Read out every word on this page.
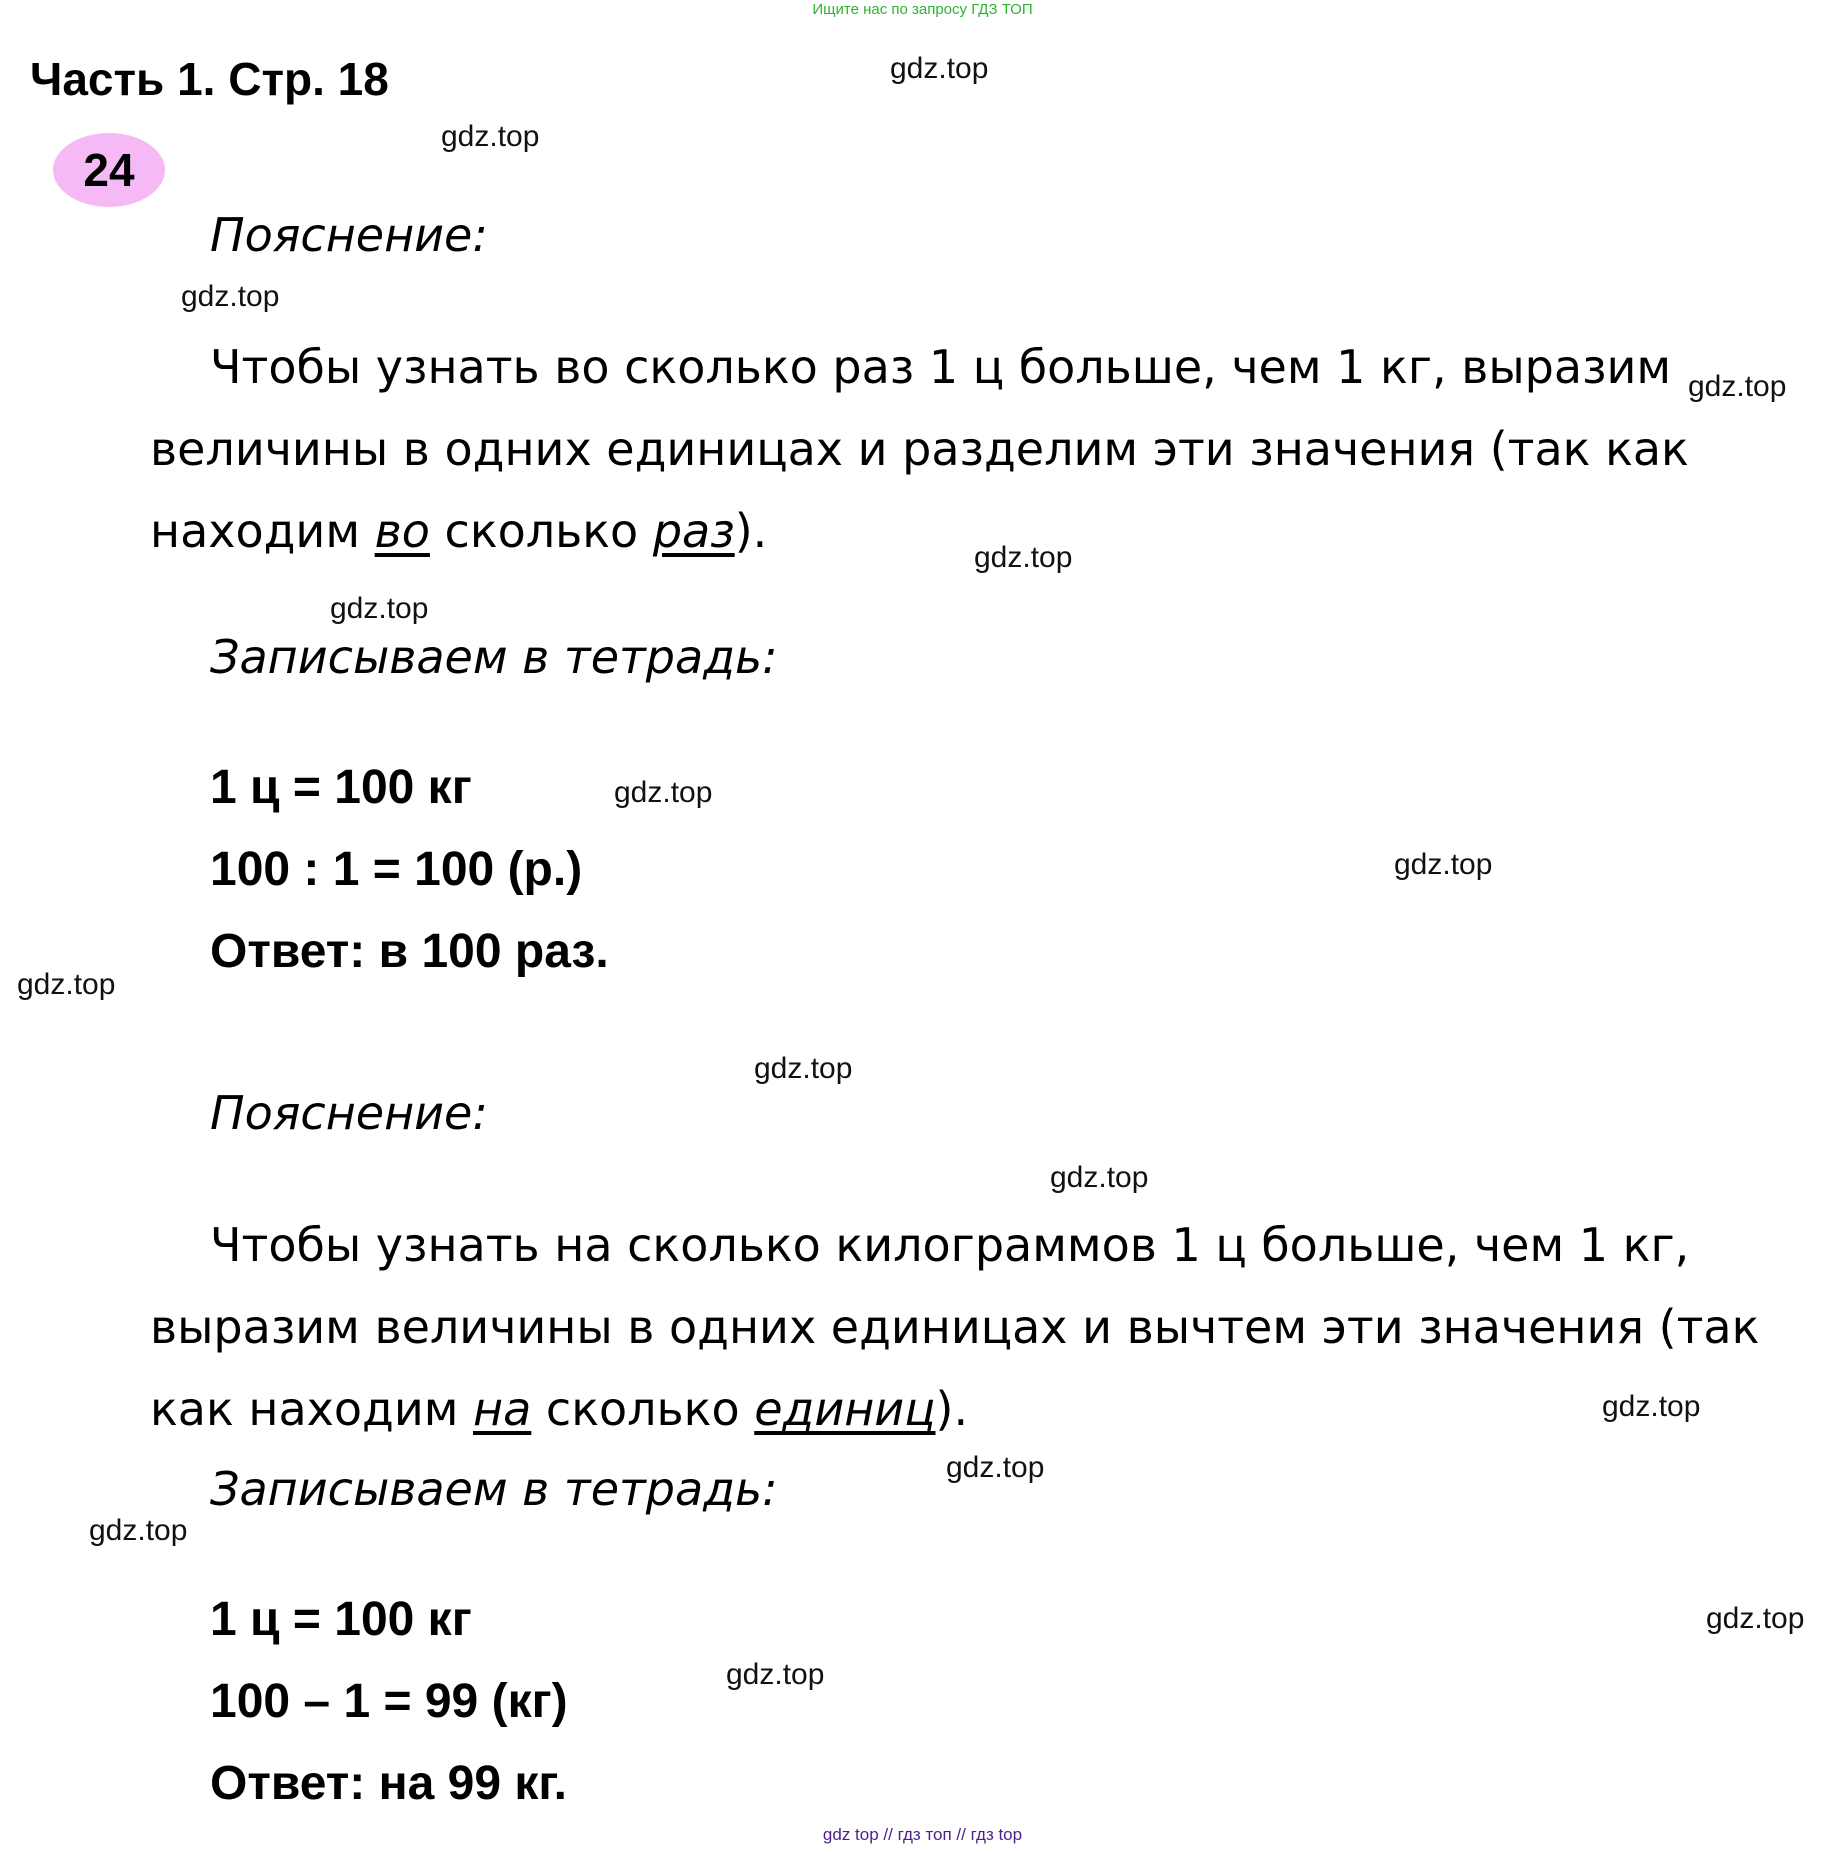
Ищите нас по запросу ГДЗ ТОП
Часть 1. Стр. 18
24
Пояснение:
Чтобы узнать во сколько раз 1 ц больше, чем 1 кг, выразим
величины в одних единицах и разделим эти значения (так как
находим во сколько раз).
Записываем в тетрадь:
1 ц = 100 кг
100 : 1 = 100 (р.)
Ответ: в 100 раз.
Пояснение:
Чтобы узнать на сколько килограммов 1 ц больше, чем 1 кг,
выразим величины в одних единицах и вычтем эти значения (так
как находим на сколько единиц).
Записываем в тетрадь:
1 ц = 100 кг
100 – 1 = 99 (кг)
Ответ: на 99 кг.
gdz.top
gdz.top
gdz.top
gdz.top
gdz.top
gdz.top
gdz.top
gdz.top
gdz.top
gdz.top
gdz.top
gdz.top
gdz.top
gdz.top
gdz.top
gdz.top
gdz top // гдз топ // гдз top
